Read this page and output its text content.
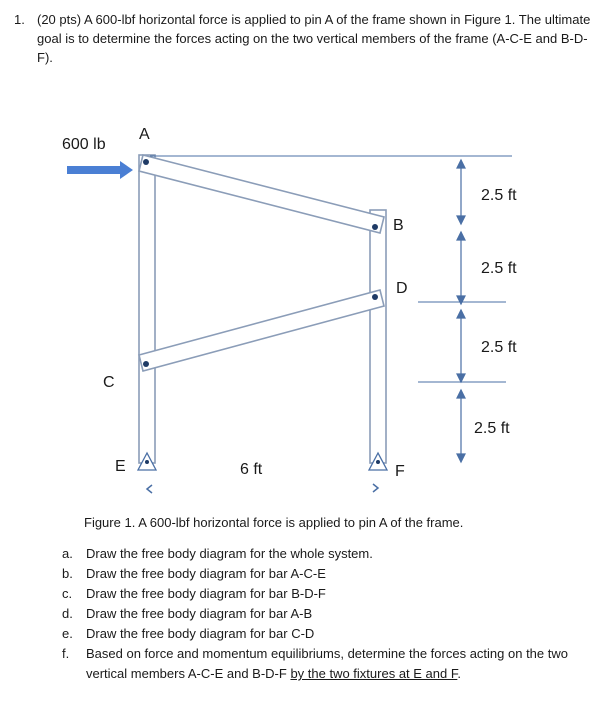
1. (20 pts) A 600-lbf horizontal force is applied to pin A of the frame shown in Figure 1. The ultimate goal is to determine the forces acting on the two vertical members of the frame (A-C-E and B-D-F).
600 lb
A
B
D
C
E	F
6 ft
2.5 ft
2.5 ft
2.5 ft
2.5 ft
Figure 1. A 600-lbf horizontal force is applied to pin A of the frame.
a. Draw the free body diagram for the whole system.
b. Draw the free body diagram for bar A-C-E
c. Draw the free body diagram for bar B-D-F
d. Draw the free body diagram for bar A-B
e. Draw the free body diagram for bar C-D
f. Based on force and momentum equilibriums, determine the forces acting on the two vertical members A-C-E and B-D-F by the two fixtures at E and F.
